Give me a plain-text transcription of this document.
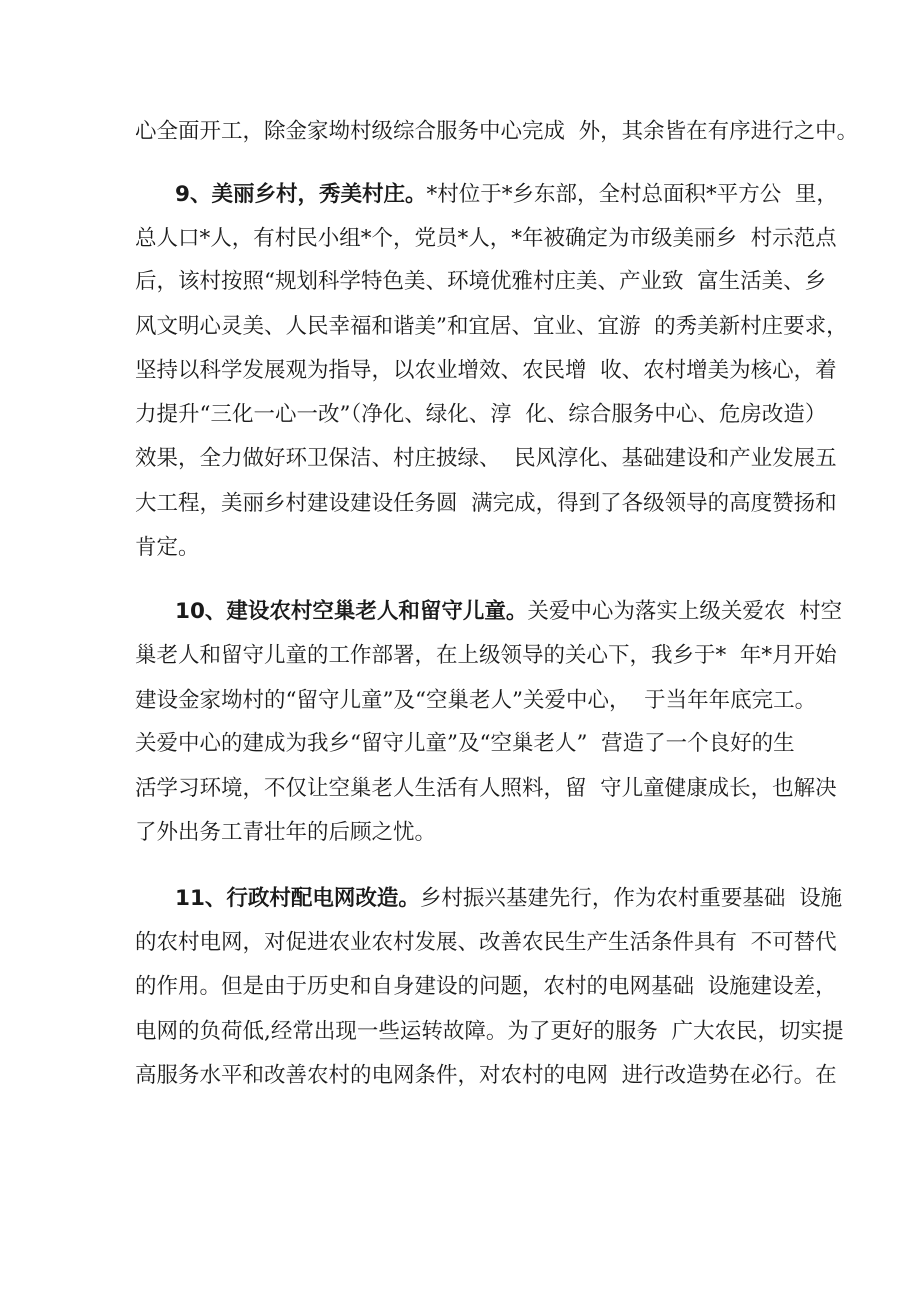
心全面开工，除金家坳村级综合服务中心完成  外，其余皆在有序进行之中。

9、美丽乡村，秀美村庄。*村位于*乡东部，全村总面积*平方公  里，

总人口*人，有村民小组*个，党员*人，*年被确定为市级美丽乡  村示范点

后，该村按照“规划科学特色美、环境优雅村庄美、产业致  富生活美、乡

风文明心灵美、人民幸福和谐美”和宜居、宜业、宜游  的秀美新村庄要求，

坚持以科学发展观为指导，以农业增效、农民增  收、农村增美为核心，着

力提升“三化一心一改”（净化、绿化、淳  化、综合服务中心、危房改造）

效果，全力做好环卫保洁、村庄披绿、  民风淳化、基础建设和产业发展五

大工程，美丽乡村建设建设任务圆  满完成，得到了各级领导的高度赞扬和

肯定。

10、建设农村空巢老人和留守儿童。关爱中心为落实上级关爱农  村空

巢老人和留守儿童的工作部署，在上级领导的关心下，我乡于*  年*月开始

建设金家坳村的“留守儿童”及“空巢老人”关爱中心，  于当年年底完工。

关爱中心的建成为我乡“留守儿童”及“空巢老人”  营造了一个良好的生

活学习环境，不仅让空巢老人生活有人照料，留  守儿童健康成长，也解决

了外出务工青壮年的后顾之忧。

11、行政村配电网改造。乡村振兴基建先行，作为农村重要基础  设施

的农村电网，对促进农业农村发展、改善农民生产生活条件具有  不可替代

的作用。但是由于历史和自身建设的问题，农村的电网基础  设施建设差，

电网的负荷低,经常出现一些运转故障。为了更好的服务  广大农民，切实提

高服务水平和改善农村的电网条件，对农村的电网  进行改造势在必行。在
